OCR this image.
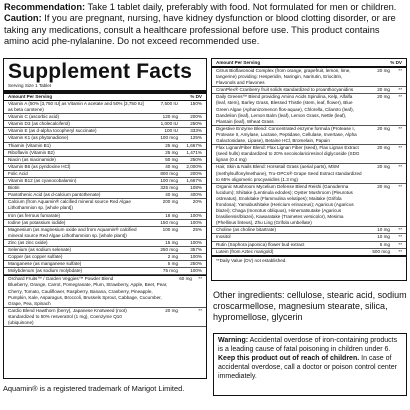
Recommendation: Take 1 tablet daily, preferably with food. Not formulated for men or children.
Caution: If you are pregnant, nursing, have kidney dysfunction or blood clotting disorder, or are taking any medications, consult a healthcare professional before use. This product contains amino acid phe-nylalanine. Do not exceed recommended use.

Supplement Facts
Serving Size 1 Tablet
Amount Per Serving	% DV
Vitamin A (50% [3,750 IU] as Vitamin A acetate and 50% [3,750 IU] as beta carotene)
7,500 IU	150%
Vitamin C (ascorbic acid)	120 mg	200%
Vitamin D3 (as cholecalciferol)	1,000 IU	250%
Vitamin E (as d-alpha tocopheryl succinate)	100 IU	333%
Vitamin K1 (as phytonadione)	100 mcg	125%
Thiamin (Vitamin B1)	25 mg	1,667%
Riboflavin (Vitamin B2)	25 mg	1,471%
Niacin (as niacinamide)	50 mg	250%
Vitamin B6 (as pyridoxine HCl)	40 mg	2,000%
Folic Acid	800 mcg	200%
Vitamin B12 (as cyanocobalamin)	100 mcg	1,667%
Biotin	325 mcg	108%
Pantothenic Acid (as d-calcium pantothenate)	40 mg	400%
Calcium (from Aquamin® calcified mineral source Red Algae Lithothamnion sp. [whole plant])
200 mg	20%
Iron (as ferrous fumarate)	18 mg	100%
Iodine (as potassium iodide)	150 mcg	100%
Magnesium (as magnesium oxide and from Aquamin® calcified mineral source Red Algae Lithothamnion sp. [whole plant])
100 mg	25%
Zinc (as zinc oxide)	15 mg	100%
Selenium (as sodium selenate)	250 mcg	357%
Copper (as copper sulfate)	2 mg	100%
Manganese (as manganese sulfate)	5 mg	250%
Molybdenum (as sodium molybdate)	75 mcg	100%
Orchard Fruits™ / Garden Veggies™ Powder Blend
Blueberry, Orange, Carrot, Pomegranate, Plum, Strawberry, Apple, Beet, Pear, Cherry, Tomato, Cauliflower, Raspberry, Banana, Cranberry, Pineapple, Pumpkin, Kale, Asparagus, Broccoli, Brussels Sprout, Cabbage, Cucumber, Grape, Pea, Spinach
60 mg	**
Cardio Blend Hawthorn (berry), Japanese Knotweed (root) standardized to 50% resveratrol (1 mg), Coenzyme Q10 (ubiquinone)
20 mg	**

Aquamin® is a registered trademark of Marigot Limited.

Amount Per Serving	% DV
Citrus Bioflavonoid Complex (from orange, grapefruit, lemon, lime, tangerine) providing: Hesperidin, Naringin, Narirutin, Eriocitrin, Flavonols and Flavones
20 mg	**
CranPlex® Cranberry fruit solids standardized to proanthocyanidins	20 mg	**
Daily Greens™ Blend providing Amino Acids Spirulina, Kelp, Alfalfa (leaf, stem), Barley Grass, Blessed Thistle (stem, leaf, flower), Blue Green Algae (Aphanizomenon flos-aquae), Chlorella, Cilantro (leaf), Dandelion (leaf), Lemon Balm (leaf), Lemon Grass, Nettle (leaf), Plantain (leaf), Wheat Grass
20 mg	**
Digestive Enzyme Blend: Concentrated enzyme formula (Protease I, Protease II, Amylase, Lactase, Peptidase, Cellulase, Invertase, Alpha Galactosidase, Lipase), Betaine HCl, Bromelain, Papain
20 mg	**
Flax Lignan/Fiber Blend: Flax Lignan Fiber (seed), Flax Lignan Extract (seed hulls) standardized to 20% secoisolariciresinol diglycoside (SDG lignan (0.4 mg)
20 mg	**
Hair, Skin & Nails Blend: Horsetail Grass (aerial parts), MSM (methylsulfonylmethane), Tru-OPCs® Grape Seed Extract standardized to 65% oligomeric procyanidins (1.3 mg)
20 mg	**
Organic Mushroom Mycelium Defense Blend Reishi (Ganoderma lucidum); Shiitake (Lentinula edodes); Oyster Mushroom (Pleurotus ostreatus), Enokitake (Flammulina velutipes); Maitake (Grifola frondosa); Yamabushitake (Hericium erinaceus); Agaricus (Agaricus blazei); Chaga (Inonotus obliquus), Himematsutake (Agaricus brasiliensis/blazei), Kawaratake (Trametes versicolor), Mesima (Phellinus linteus), Zhu Ling (Grifola umbellate)
20 mg	**
Choline (as choline bitartrate)	10 mg	**
Inositol	10 mg	**
Rutin (Sophora japonica) flower bud extract	5 mg	**
Lutein (from Aztec marigold)	500 mcg	**
**Daily Value (DV) not established.

Other ingredients: cellulose, stearic acid, sodium croscarmellose, magnesium stearate, silica, hypromellose, glycerin

Warning: Accidental overdose of iron-containing products is a leading cause of fatal poisoning in children under 6. Keep this product out of reach of children. In case of accidental overdose, call a doctor or poison control center immediately.
